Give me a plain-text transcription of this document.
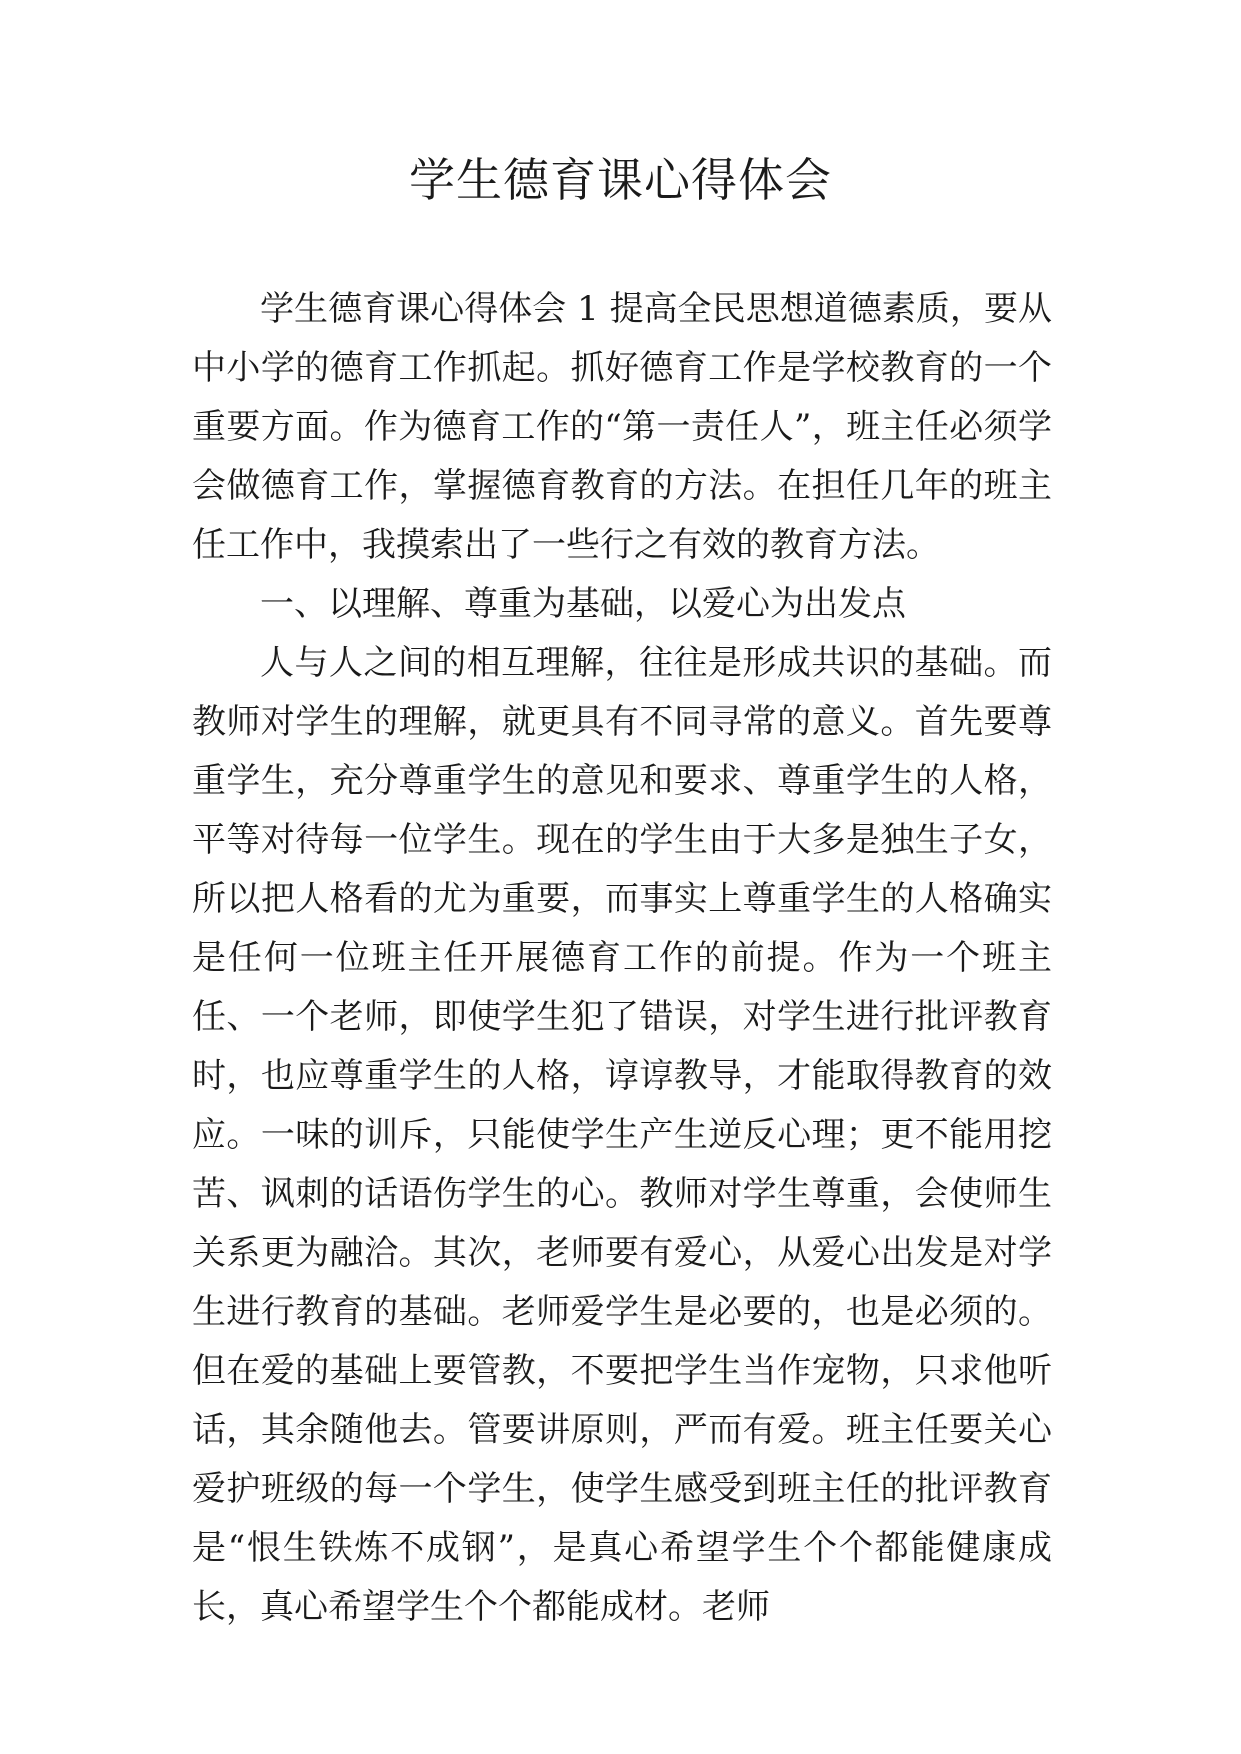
学生德育课心得体会

学生德育课心得体会 1 提高全民思想道德素质，要从中小学的德育工作抓起。抓好德育工作是学校教育的一个重要方面。作为德育工作的“第一责任人”，班主任必须学会做德育工作，掌握德育教育的方法。在担任几年的班主任工作中，我摸索出了一些行之有效的教育方法。

一、以理解、尊重为基础，以爱心为出发点

人与人之间的相互理解，往往是形成共识的基础。而教师对学生的理解，就更具有不同寻常的意义。首先要尊重学生，充分尊重学生的意见和要求、尊重学生的人格，平等对待每一位学生。现在的学生由于大多是独生子女，所以把人格看的尤为重要，而事实上尊重学生的人格确实是任何一位班主任开展德育工作的前提。作为一个班主任、一个老师，即使学生犯了错误，对学生进行批评教育时，也应尊重学生的人格，谆谆教导，才能取得教育的效应。一味的训斥，只能使学生产生逆反心理；更不能用挖苦、讽刺的话语伤学生的心。教师对学生尊重，会使师生关系更为融洽。其次，老师要有爱心，从爱心出发是对学生进行教育的基础。老师爱学生是必要的，也是必须的。但在爱的基础上要管教，不要把学生当作宠物，只求他听话，其余随他去。管要讲原则，严而有爱。班主任要关心爱护班级的每一个学生，使学生感受到班主任的批评教育是“恨生铁炼不成钢”，是真心希望学生个个都能健康成长，真心希望学生个个都能成材。老师
